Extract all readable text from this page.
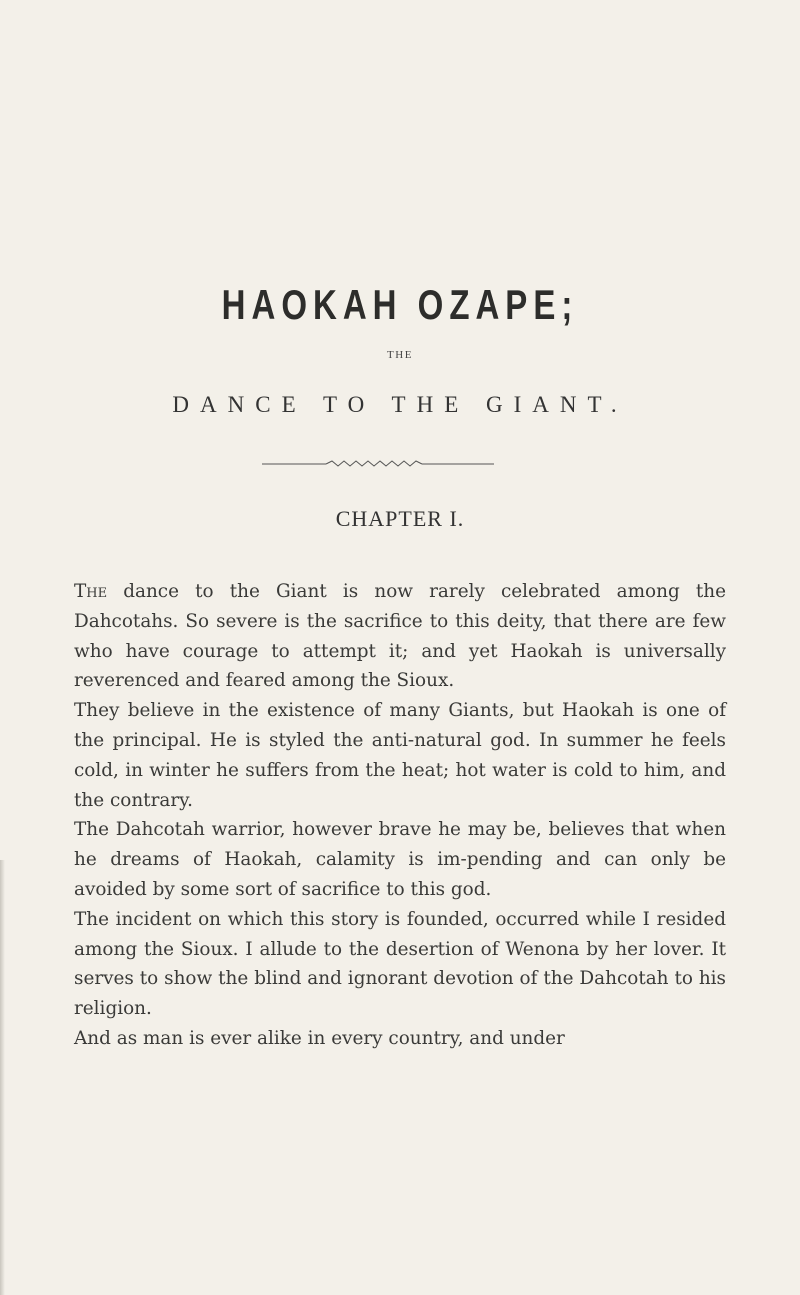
HAOKAH OZAPE;
THE
DANCE TO THE GIANT.
CHAPTER I.

The dance to the Giant is now rarely celebrated among the Dahcotahs. So severe is the sacrifice to this deity, that there are few who have courage to attempt it; and yet Haokah is universally reverenced and feared among the Sioux.

They believe in the existence of many Giants, but Haokah is one of the principal. He is styled the anti-natural god. In summer he feels cold, in winter he suffers from the heat; hot water is cold to him, and the contrary.

The Dahcotah warrior, however brave he may be, believes that when he dreams of Haokah, calamity is im-pending and can only be avoided by some sort of sacrifice to this god.

The incident on which this story is founded, occurred while I resided among the Sioux. I allude to the desertion of Wenona by her lover. It serves to show the blind and ignorant devotion of the Dahcotah to his religion.

And as man is ever alike in every country, and under
